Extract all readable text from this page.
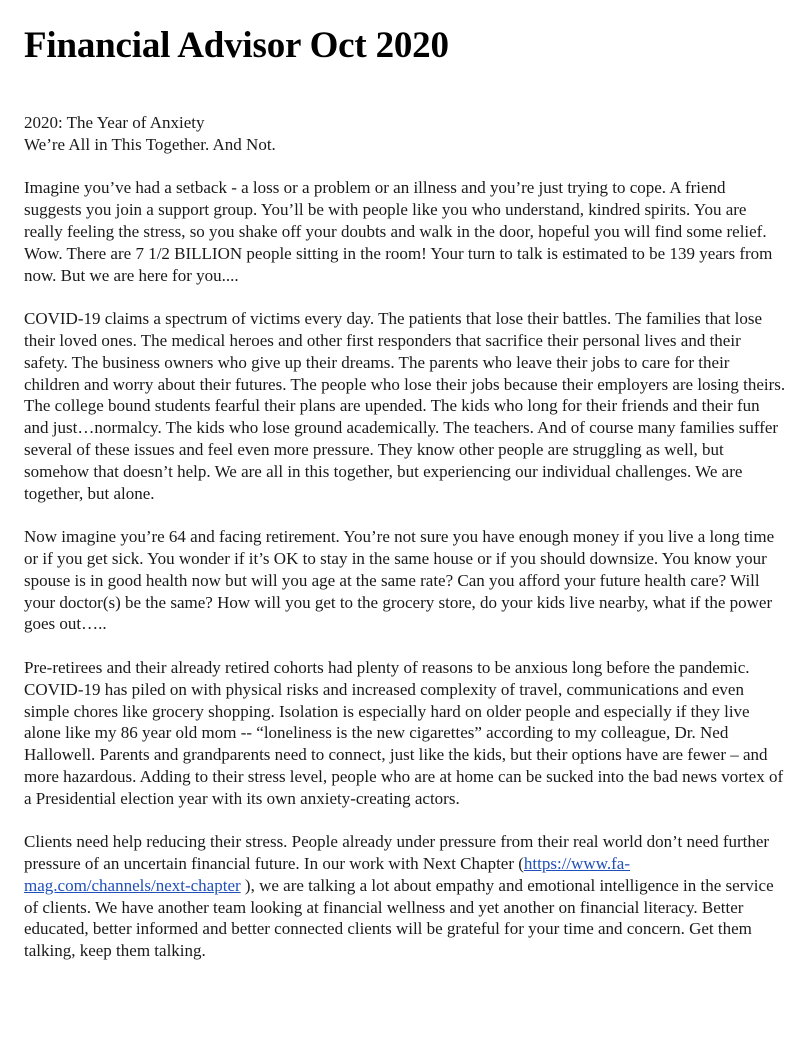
Financial Advisor Oct 2020
2020: The Year of Anxiety
We’re All in This Together. And Not.

Imagine you’ve had a setback - a loss or a problem or an illness and you’re just trying to cope. A friend suggests you join a support group. You’ll be with people like you who understand, kindred spirits. You are really feeling the stress, so you shake off your doubts and walk in the door, hopeful you will find some relief. Wow. There are 7 1/2 BILLION people sitting in the room! Your turn to talk is estimated to be 139 years from now. But we are here for you....

COVID-19 claims a spectrum of victims every day. The patients that lose their battles. The families that lose their loved ones. The medical heroes and other first responders that sacrifice their personal lives and their safety. The business owners who give up their dreams. The parents who leave their jobs to care for their children and worry about their futures. The people who lose their jobs because their employers are losing theirs. The college bound students fearful their plans are upended. The kids who long for their friends and their fun and just…normalcy. The kids who lose ground academically. The teachers. And of course many families suffer several of these issues and feel even more pressure. They know other people are struggling as well, but somehow that doesn’t help. We are all in this together, but experiencing our individual challenges. We are together, but alone.

Now imagine you’re 64 and facing retirement. You’re not sure you have enough money if you live a long time or if you get sick. You wonder if it’s OK to stay in the same house or if you should downsize. You know your spouse is in good health now but will you age at the same rate? Can you afford your future health care? Will your doctor(s) be the same? How will you get to the grocery store, do your kids live nearby, what if the power goes out…..

Pre-retirees and their already retired cohorts had plenty of reasons to be anxious long before the pandemic. COVID-19 has piled on with physical risks and increased complexity of travel, communications and even simple chores like grocery shopping. Isolation is especially hard on older people and especially if they live alone like my 86 year old mom -- “loneliness is the new cigarettes” according to my colleague, Dr. Ned Hallowell. Parents and grandparents need to connect, just like the kids, but their options have are fewer – and more hazardous. Adding to their stress level, people who are at home can be sucked into the bad news vortex of a Presidential election year with its own anxiety-creating actors.

Clients need help reducing their stress. People already under pressure from their real world don’t need further pressure of an uncertain financial future. In our work with Next Chapter (https://www.fa-mag.com/channels/next-chapter ), we are talking a lot about empathy and emotional intelligence in the service of clients. We have another team looking at financial wellness and yet another on financial literacy. Better educated, better informed and better connected clients will be grateful for your time and concern. Get them talking, keep them talking.
